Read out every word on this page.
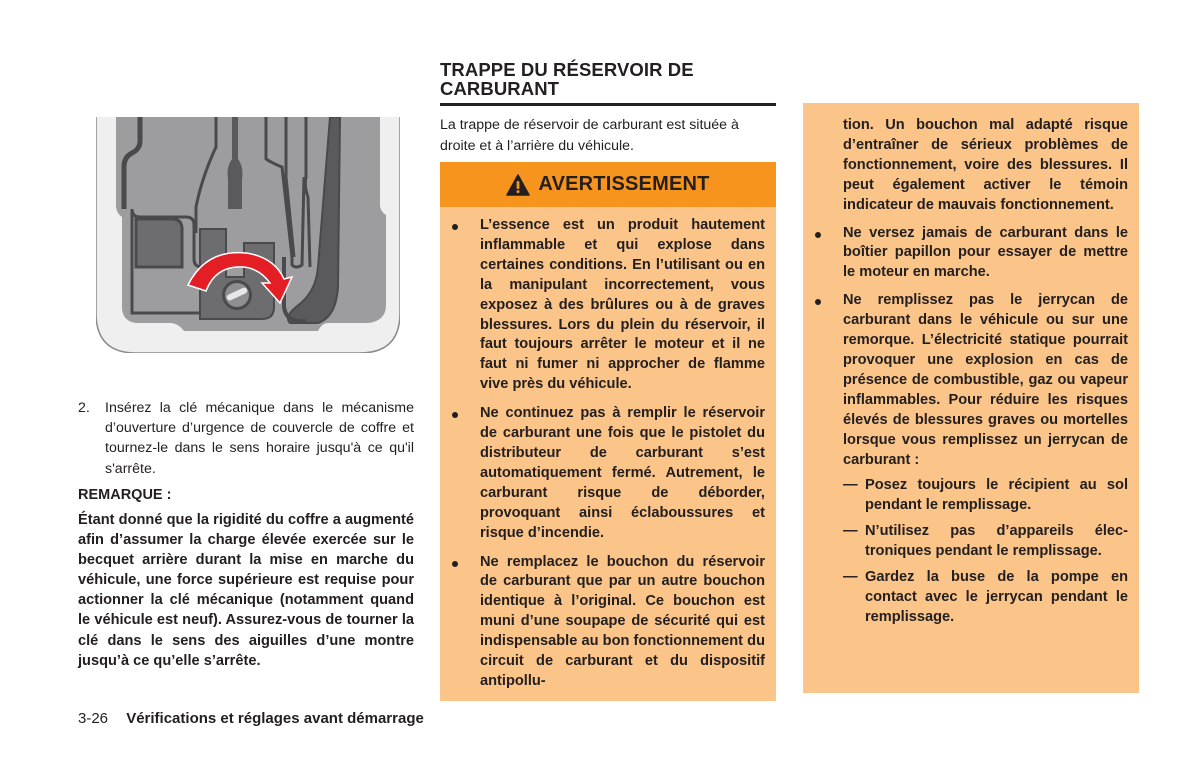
2.	Insérez la clé mécanique dans le mécanisme d’ouverture d’urgence de couvercle de coffre et tournez-le dans le sens horaire jusqu'à ce qu'il s'arrête.
REMARQUE :
Étant donné que la rigidité du coffre a augmenté afin d’assumer la charge élevée exercée sur le becquet arrière durant la mise en marche du véhicule, une force supérieure est requise pour actionner la clé mécanique (notamment quand le véhicule est neuf). Assurez-vous de tourner la clé dans le sens des aiguilles d’une montre jusqu’à ce qu’elle s’arrête.
3-26 Vérifications et réglages avant démarrage
TRAPPE DU RÉSERVOIR DE CARBURANT
La trappe de réservoir de carburant est située à droite et à l’arrière du véhicule.
AVERTISSEMENT
L’essence est un produit hautement inflammable et qui explose dans certaines conditions. En l’utilisant ou en la manipulant incorrectement, vous exposez à des brûlures ou à de graves blessures. Lors du plein du réservoir, il faut toujours arrêter le moteur et il ne faut ni fumer ni approcher de flamme vive près du véhicule.
Ne continuez pas à remplir le réservoir de carburant une fois que le pistolet du distributeur de carburant s’est automatiquement fermé. Autrement, le carburant risque de déborder, provoquant ainsi éclaboussures et risque d’incendie.
Ne remplacez le bouchon du réservoir de carburant que par un autre bouchon identique à l’original. Ce bouchon est muni d’une soupape de sécurité qui est indispensable au bon fonctionnement du circuit de carburant et du dispositif antipollu-
tion. Un bouchon mal adapté risque d’entraîner de sérieux problèmes de fonctionnement, voire des blessures. Il peut également activer le témoin indicateur de mauvais fonctionnement.
Ne versez jamais de carburant dans le boîtier papillon pour essayer de mettre le moteur en marche.
Ne remplissez pas le jerrycan de carburant dans le véhicule ou sur une remorque. L’électricité statique pourrait provoquer une explosion en cas de présence de combustible, gaz ou vapeur inflammables. Pour réduire les risques élevés de blessures graves ou mortelles lorsque vous remplissez un jerrycan de carburant :
— Posez toujours le récipient au sol pendant le remplissage.
— N’utilisez pas d’appareils électroniques pendant le remplissage.
— Gardez la buse de la pompe en contact avec le jerrycan pendant le remplissage.
